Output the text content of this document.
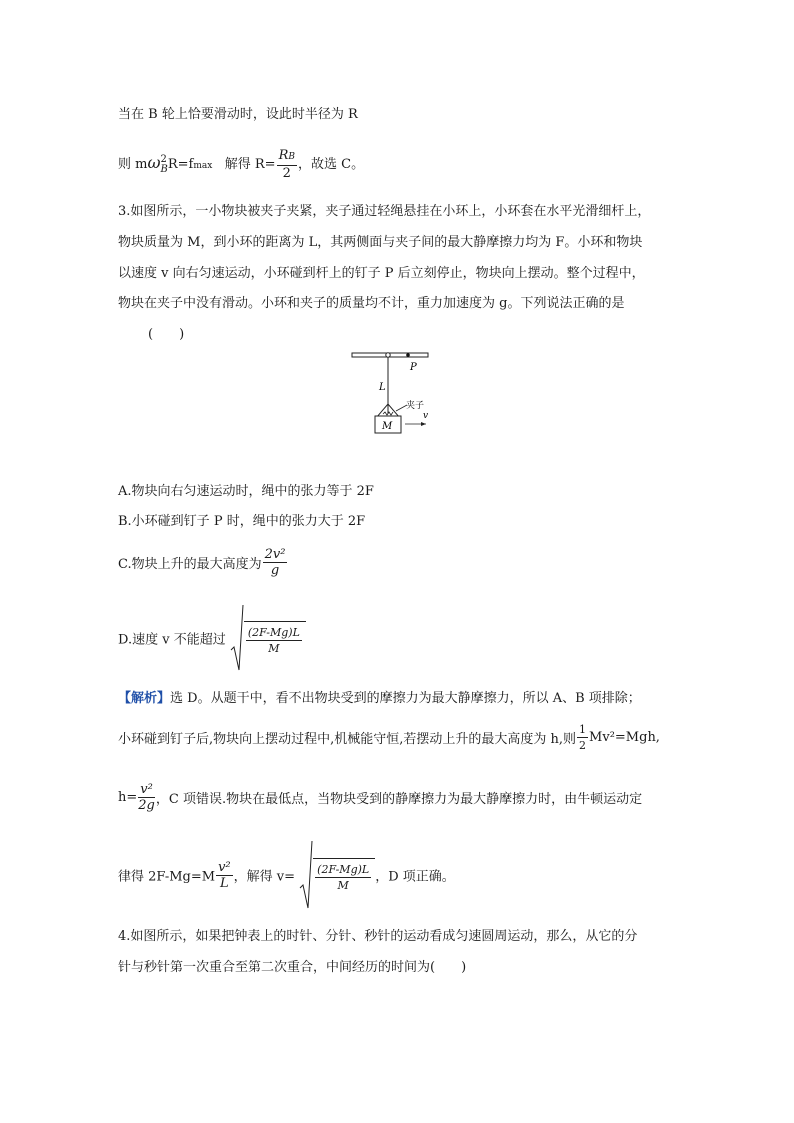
当在 B 轮上恰要滑动时，设此时半径为 R
则 mω 2
B R=fmax 解得 $R= \frac{RB}{2}$ ，故选 C。
3.如图所示，一小物块被夹子夹紧，夹子通过轻绳悬挂在小环上，小环套在水平光滑细杆上，
物块质量为 M，到小环的距离为 L，其两侧面与夹子间的最大静摩擦力均为 F。小环和物块
以速度 v 向右匀速运动，小环碰到杆上的钉子 P 后立刻停止，物块向上摆动。整个过程中，
物块在夹子中没有滑动。小环和夹子的质量均不计，重力加速度为 g。下列说法正确的是
(　　)
P
L
夹子
M
v
A.物块向右匀速运动时，绳中的张力等于 2F
B.小环碰到钉子 P 时，绳中的张力大于 2F
C.物块上升的最大高度为 $\frac{\text{2v²}}{g}$
D.速度 v 不能超过 $\frac{(2F-Mg)L}{M}$
【解析】选 D。从题干中，看不出物块受到的摩擦力为最大静摩擦力，所以 A、B 项排除；
小环碰到钉子后,物块向上摆动过程中,机械能守恒,若摆动上升的最大高度为 h,则 $\frac{1}{2} Mv^2=Mgh$,
$h= \frac{\text{v²}}{2g}$ ，C 项错误.物块在最低点，当物块受到的静摩擦力为最大静摩擦力时，由牛顿运动定
律得 $2F-Mg=M \frac{\text{v²}}{L}$ ，解得 $v= \frac{(2F-Mg)L}{M}$ ，D 项正确。
4.如图所示，如果把钟表上的时针、分针、秒针的运动看成匀速圆周运动，那么，从它的分
针与秒针第一次重合至第二次重合，中间经历的时间为(　　)
